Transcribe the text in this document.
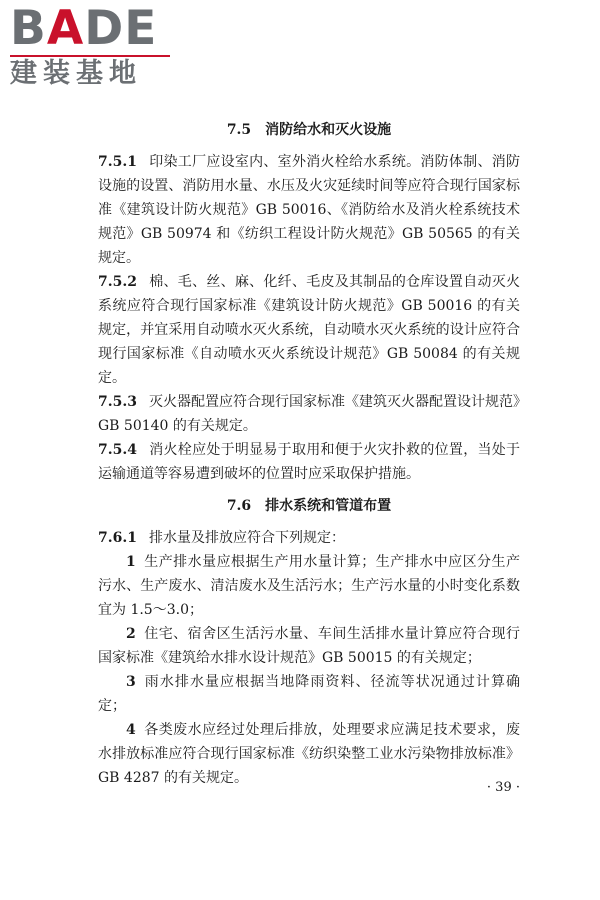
BADE
建装基地
7.5　消防给水和灭火设施

7.5.1 印染工厂应设室内、室外消火栓给水系统。消防体制、消防设施的设置、消防用水量、水压及火灾延续时间等应符合现行国家标准《建筑设计防火规范》GB 50016、《消防给水及消火栓系统技术规范》GB 50974 和《纺织工程设计防火规范》GB 50565 的有关规定。

7.5.2 棉、毛、丝、麻、化纤、毛皮及其制品的仓库设置自动灭火系统应符合现行国家标准《建筑设计防火规范》GB 50016 的有关规定，并宜采用自动喷水灭火系统，自动喷水灭火系统的设计应符合现行国家标准《自动喷水灭火系统设计规范》GB 50084 的有关规定。

7.5.3 灭火器配置应符合现行国家标准《建筑灭火器配置设计规范》GB 50140 的有关规定。

7.5.4 消火栓应处于明显易于取用和便于火灾扑救的位置，当处于运输通道等容易遭到破坏的位置时应采取保护措施。

7.6　排水系统和管道布置

7.6.1 排水量及排放应符合下列规定：

1 生产排水量应根据生产用水量计算；生产排水中应区分生产污水、生产废水、清洁废水及生活污水；生产污水量的小时变化系数宜为 1.5～3.0；

2 住宅、宿舍区生活污水量、车间生活排水量计算应符合现行国家标准《建筑给水排水设计规范》GB 50015 的有关规定；

3 雨水排水量应根据当地降雨资料、径流等状况通过计算确定；

4 各类废水应经过处理后排放，处理要求应满足技术要求，废水排放标准应符合现行国家标准《纺织染整工业水污染物排放标准》GB 4287 的有关规定。

· 39 ·
